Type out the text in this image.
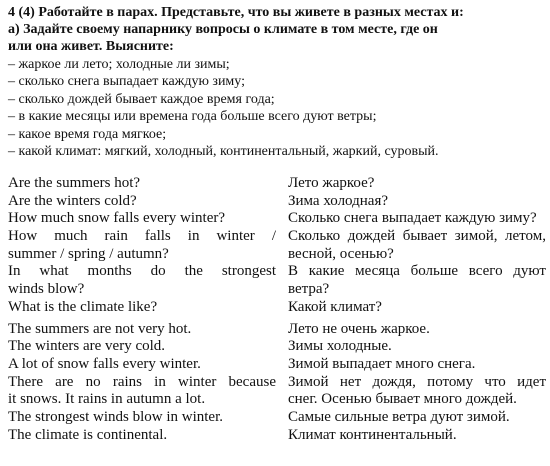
4 (4) Работайте в парах. Представьте, что вы живете в разных местах и:
а) Задайте своему напарнику вопросы о климате в том месте, где он
или она живет. Выясните:
– жаркое ли лето; холодные ли зимы;
– сколько снега выпадает каждую зиму;
– сколько дождей бывает каждое время года;
– в какие месяцы или времена года больше всего дуют ветры;
– какое время года мягкое;
– какой климат: мягкий, холодный, континентальный, жаркий, суровый.
Are the summers hot?
Are the winters cold?
How much snow falls every winter?
How much rain falls in winter /
summer / spring / autumn?
In what months do the strongest
winds blow?
What is the climate like?
The summers are not very hot.
The winters are very cold.
A lot of snow falls every winter.
There are no rains in winter because
it snows. It rains in autumn a lot.
The strongest winds blow in winter.
The climate is continental.
Лето жаркое?
Зима холодная?
Сколько снега выпадает каждую зиму?
Сколько дождей бывает зимой, летом,
весной, осенью?
В какие месяца больше всего дуют
ветра?
Какой климат?
Лето не очень жаркое.
Зимы холодные.
Зимой выпадает много снега.
Зимой нет дождя, потому что идет
снег. Осенью бывает много дождей.
Самые сильные ветра дуют зимой.
Климат континентальный.
